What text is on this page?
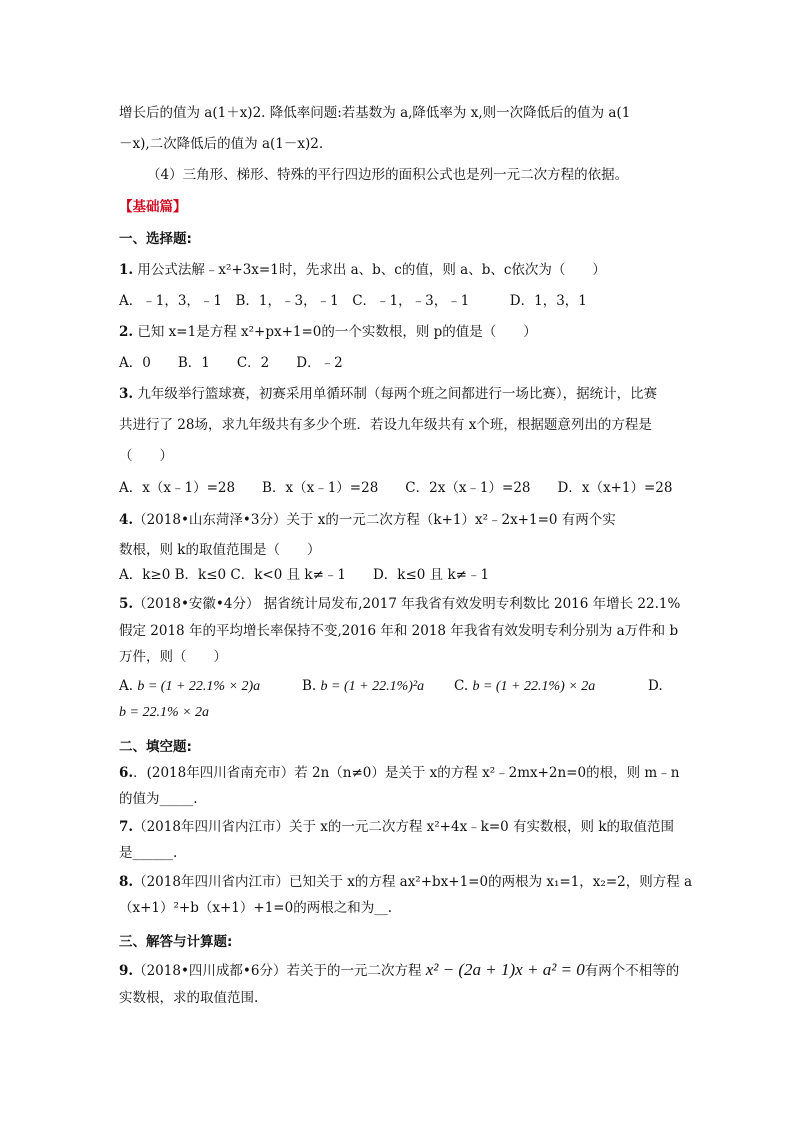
增长后的值为 a(1＋x)2. 降低率问题:若基数为 a,降低率为 x,则一次降低后的值为 a(1
－x),二次降低后的值为 a(1－x)2.
（4）三角形、梯形、特殊的平行四边形的面积公式也是列一元二次方程的依据。
【基础篇】
一、选择题:
1. 用公式法解﹣x²+3x=1时，先求出 a、b、c的值，则 a、b、c依次为（　　）
A．﹣1，3，﹣1　B．1，﹣3，﹣1　C．﹣1，﹣3，﹣1　　　D．1，3，1
2. 已知 x=1是方程 x²+px+1=0的一个实数根，则 p的值是（　　）
A．0　　B．1　　C．2　　D．﹣2
3. 九年级举行篮球赛，初赛采用单循环制（每两个班之间都进行一场比赛），据统计，比赛
共进行了 28场，求九年级共有多少个班．若设九年级共有 x个班，根据题意列出的方程是
（　　）
A．x（x﹣1）=28　　B．x（x﹣1）=28　　C．2x（x﹣1）=28　　D．x（x+1）=28
4.（2018•山东菏泽•3分）关于 x的一元二次方程（k+1）x²﹣2x+1=0 有两个实
数根，则 k的取值范围是（　　）
A．k≥0 B．k≤0 C．k<0 且 k≠﹣1　　D．k≤0 且 k≠﹣1
5.（2018•安徽•4分） 据省统计局发布,2017 年我省有效发明专利数比 2016 年增长 22.1%
假定 2018 年的平均增长率保持不变,2016 年和 2018 年我省有效发明专利分别为 a万件和 b
万件，则（　　）
A. b = (1 + 22.1% × 2)a	B. b = (1 + 22.1%)²a C. b = (1 + 22.1%) × 2a	D.
b = 22.1% × 2a
二、填空题:
6.．(2018年四川省南充市）若 2n（n≠0）是关于 x的方程 x²﹣2mx+2n=0的根，则 m﹣n
的值为_____.
7.（2018年四川省内江市）关于 x的一元二次方程 x²+4x﹣k=0 有实数根，则 k的取值范围
是______.
8.（2018年四川省内江市）已知关于 x的方程 ax²+bx+1=0的两根为 x₁=1，x₂=2，则方程 a
（x+1）²+b（x+1）+1=0的两根之和为__.
三、解答与计算题:
9.（2018•四川成都•6分）若关于的一元二次方程 x² − (2a + 1)x + a² = 0有两个不相等的
实数根，求的取值范围.
